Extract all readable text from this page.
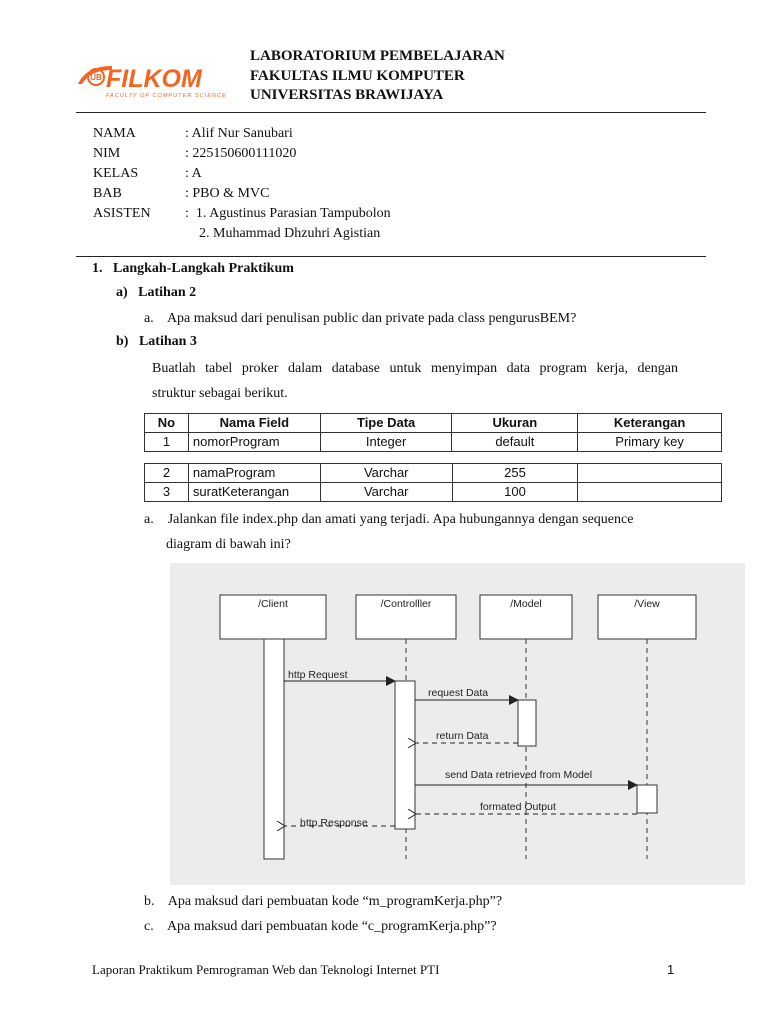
UB FILKOM
FACULTY OF COMPUTER SCIENCE
LABORATORIUM PEMBELAJARAN
FAKULTAS ILMU KOMPUTER
UNIVERSITAS BRAWIJAYA
NAMA	: Alif Nur Sanubari
NIM	: 225150600111020
KELAS	: A
BAB	: PBO & MVC
ASISTEN	:  1. Agustinus Parasian Tampubolon
2. Muhammad Dhzuhri Agistian
1.   Langkah-Langkah Praktikum
a)   Latihan 2
a.    Apa maksud dari penulisan public dan private pada class pengurusBEM?
b)   Latihan 3
Buatlah tabel proker dalam database untuk menyimpan data program kerja, dengan
struktur sebagai berikut.
No	Nama Field	Tipe Data	Ukuran	Keterangan
1	nomorProgram	Integer	default	Primary key
2	namaProgram	Varchar	255	
3	suratKeterangan	Varchar	100	
a.    Jalankan file index.php dan amati yang terjadi. Apa hubungannya dengan sequence
diagram di bawah ini?
/Client	/Controlller	/Model	/View
http Request
request Data
return Data
send Data retrieved from Model
formated Output
http Response
b.    Apa maksud dari pembuatan kode “m_programKerja.php”?
c.    Apa maksud dari pembuatan kode “c_programKerja.php”?
Laporan Praktikum Pemrograman Web dan Teknologi Internet PTI	1
